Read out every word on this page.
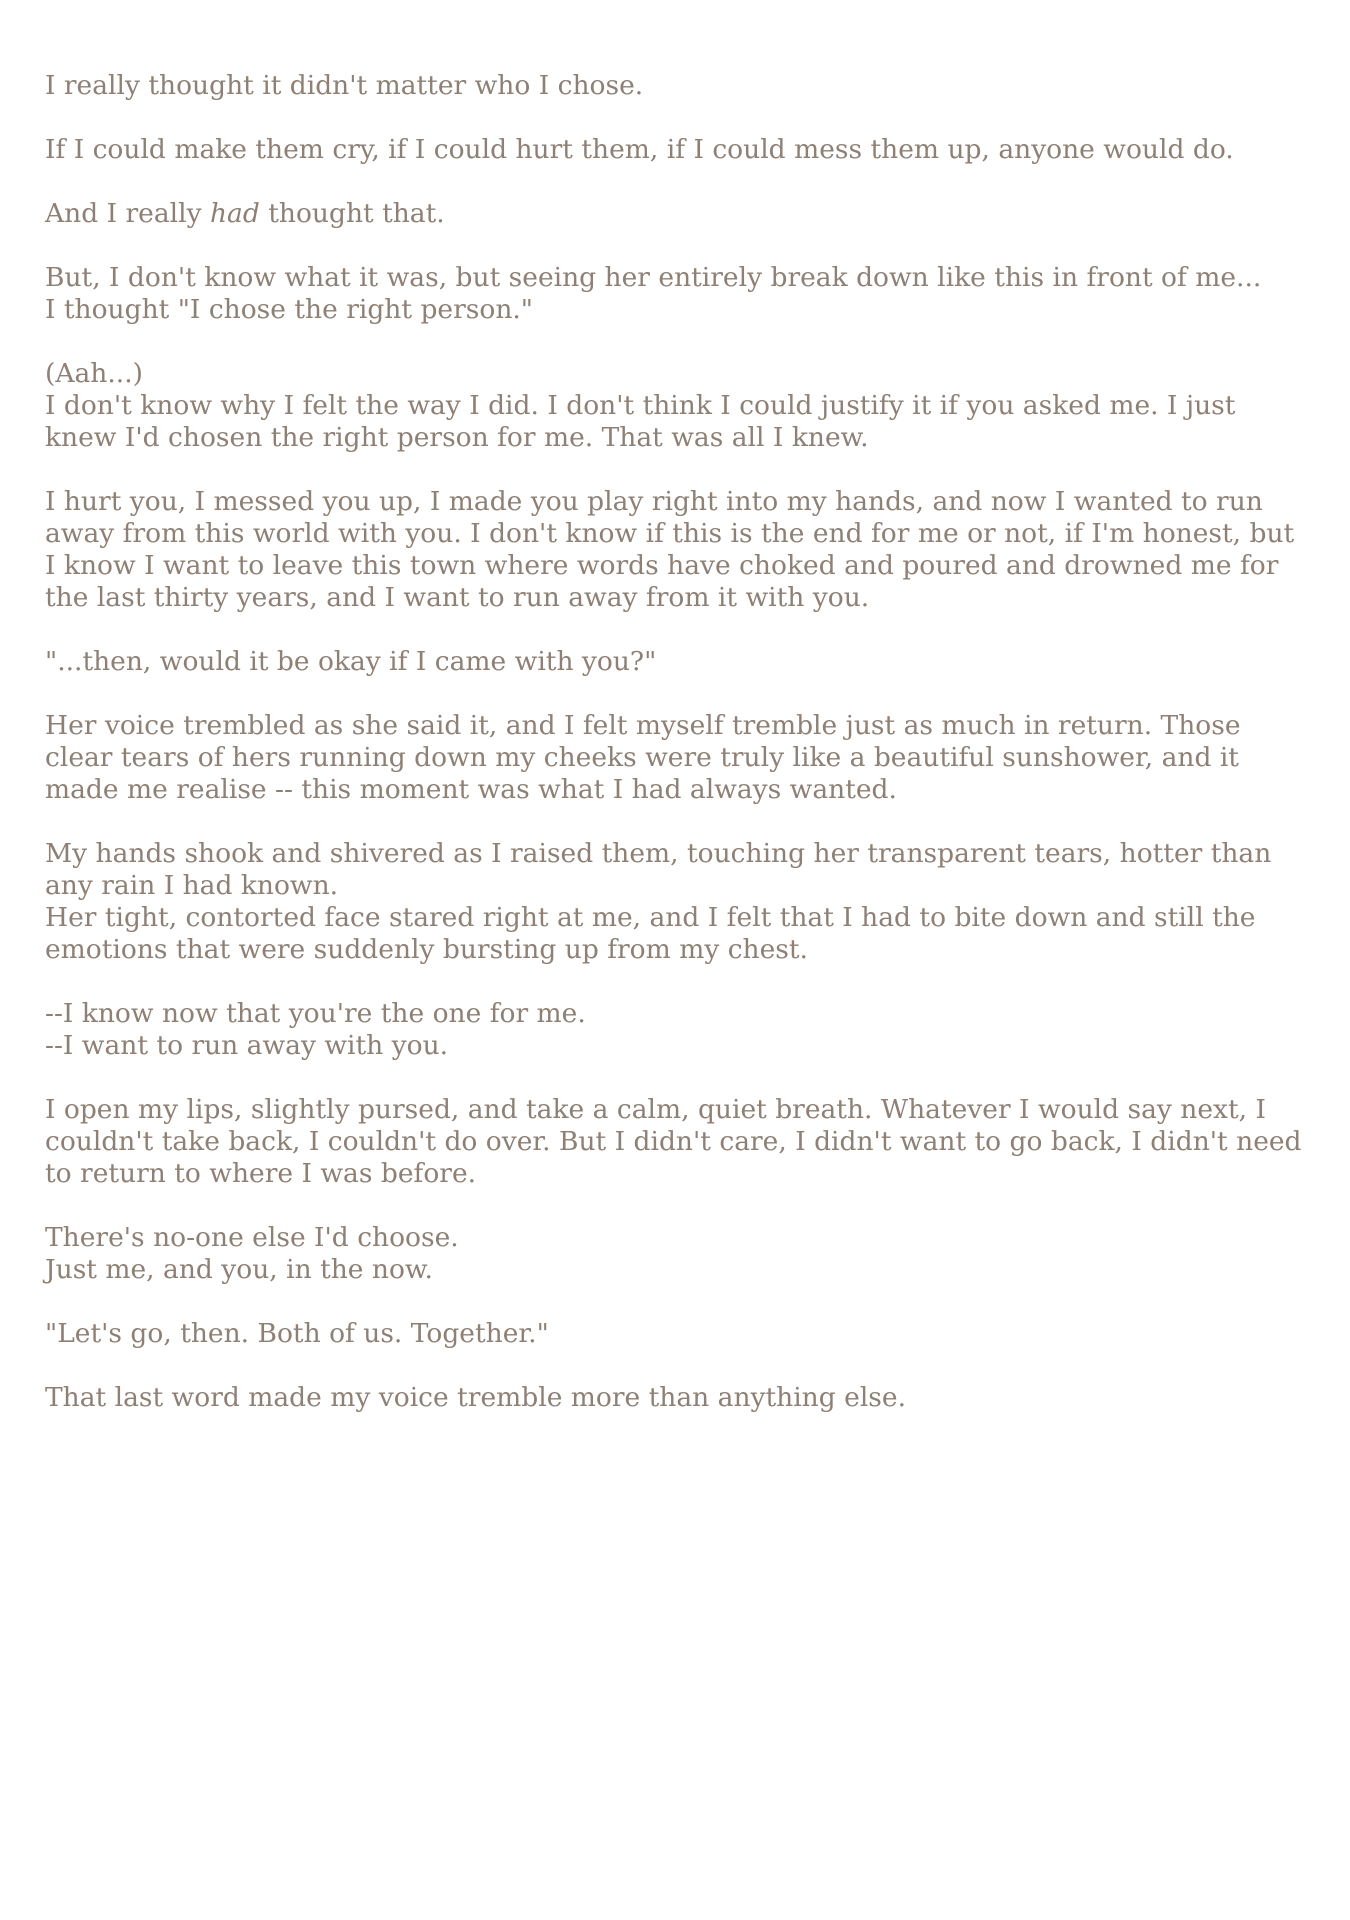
I really thought it didn't matter who I chose.

If I could make them cry, if I could hurt them, if I could mess them up, anyone would do.

And I really had thought that.

But, I don't know what it was, but seeing her entirely break down like this in front of me...
I thought "I chose the right person."

(Aah...)
I don't know why I felt the way I did. I don't think I could justify it if you asked me. I just knew I'd chosen the right person for me. That was all I knew.

I hurt you, I messed you up, I made you play right into my hands, and now I wanted to run away from this world with you. I don't know if this is the end for me or not, if I'm honest, but I know I want to leave this town where words have choked and poured and drowned me for the last thirty years, and I want to run away from it with you.

"...then, would it be okay if I came with you?"

Her voice trembled as she said it, and I felt myself tremble just as much in return. Those clear tears of hers running down my cheeks were truly like a beautiful sunshower, and it made me realise -- this moment was what I had always wanted.

My hands shook and shivered as I raised them, touching her transparent tears, hotter than any rain I had known.
Her tight, contorted face stared right at me, and I felt that I had to bite down and still the emotions that were suddenly bursting up from my chest.

--I know now that you're the one for me.
--I want to run away with you.

I open my lips, slightly pursed, and take a calm, quiet breath. Whatever I would say next, I couldn't take back, I couldn't do over. But I didn't care, I didn't want to go back, I didn't need to return to where I was before.

There's no-one else I'd choose.
Just me, and you, in the now.

"Let's go, then. Both of us. Together."

That last word made my voice tremble more than anything else.
